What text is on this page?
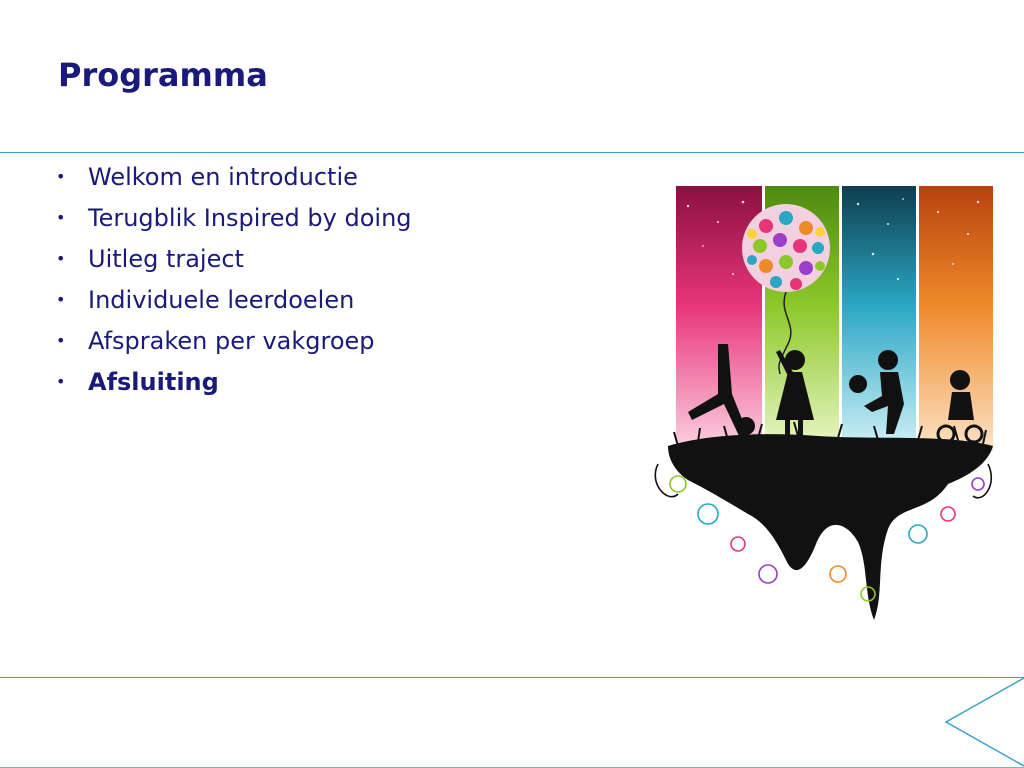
Programma
• Welkom en introductie
• Terugblik Inspired by doing
• Uitleg traject
• Individuele leerdoelen
• Afspraken per vakgroep
• Afsluiting
